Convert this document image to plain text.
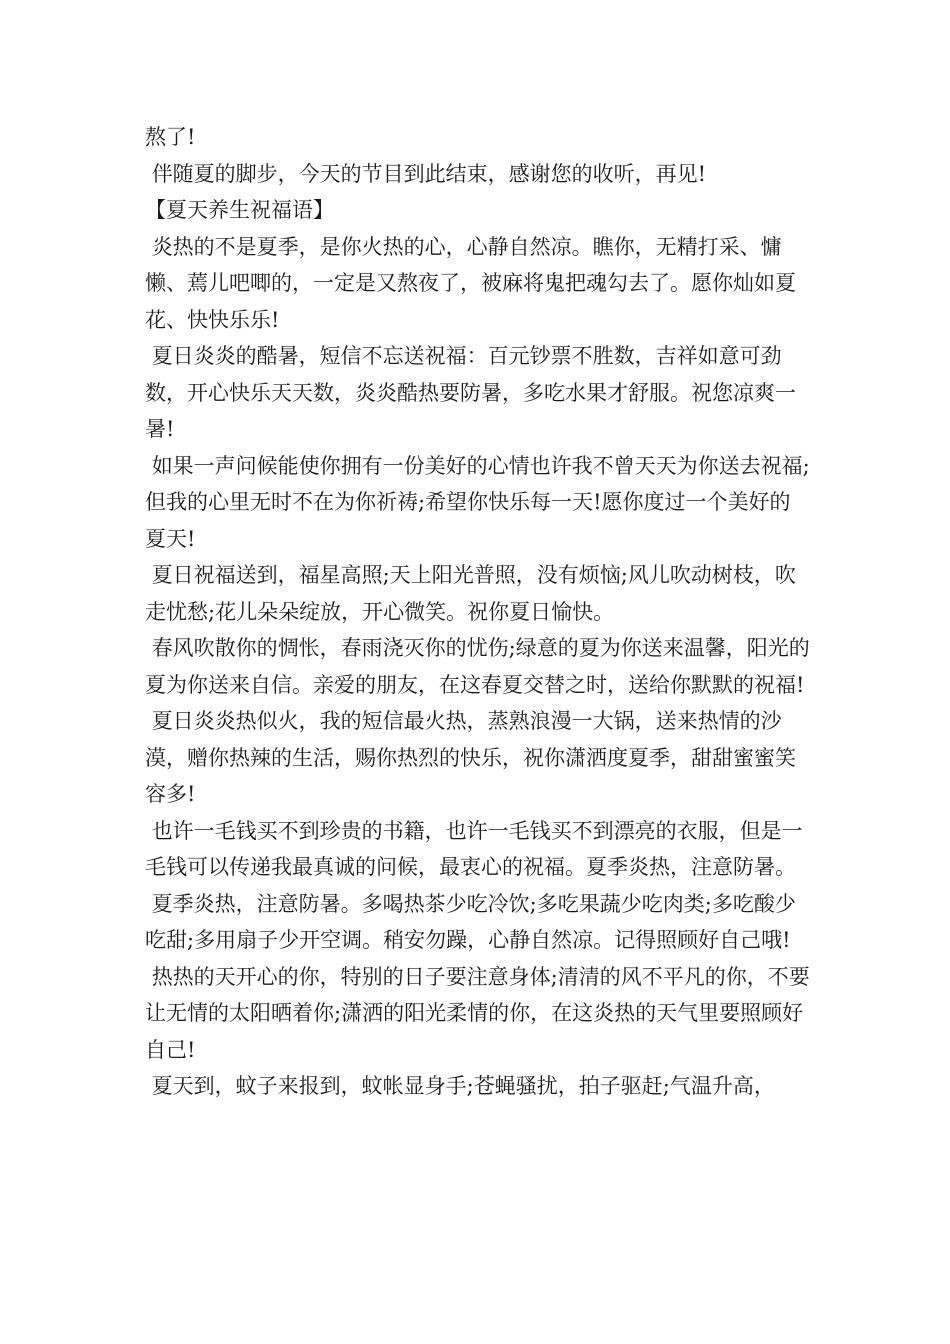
熬了!

伴随夏的脚步，今天的节目到此结束，感谢您的收听，再见!

【夏天养生祝福语】

炎热的不是夏季，是你火热的心，心静自然凉。瞧你，无精打采、慵懒、蔫儿吧唧的，一定是又熬夜了，被麻将鬼把魂勾去了。愿你灿如夏花、快快乐乐!

夏日炎炎的酷暑，短信不忘送祝福：百元钞票不胜数，吉祥如意可劲数，开心快乐天天数，炎炎酷热要防暑，多吃水果才舒服。祝您凉爽一暑!

如果一声问候能使你拥有一份美好的心情也许我不曾天天为你送去祝福;但我的心里无时不在为你祈祷;希望你快乐每一天!愿你度过一个美好的夏天!

夏日祝福送到，福星高照;天上阳光普照，没有烦恼;风儿吹动树枝，吹走忧愁;花儿朵朵绽放，开心微笑。祝你夏日愉快。

春风吹散你的惆怅，春雨浇灭你的忧伤;绿意的夏为你送来温馨，阳光的夏为你送来自信。亲爱的朋友，在这春夏交替之时，送给你默默的祝福!

夏日炎炎热似火，我的短信最火热，蒸熟浪漫一大锅，送来热情的沙漠，赠你热辣的生活，赐你热烈的快乐，祝你潇洒度夏季，甜甜蜜蜜笑容多!

也许一毛钱买不到珍贵的书籍，也许一毛钱买不到漂亮的衣服，但是一毛钱可以传递我最真诚的问候，最衷心的祝福。夏季炎热，注意防暑。

夏季炎热，注意防暑。多喝热茶少吃冷饮;多吃果蔬少吃肉类;多吃酸少吃甜;多用扇子少开空调。稍安勿躁，心静自然凉。记得照顾好自己哦!

热热的天开心的你，特别的日子要注意身体;清清的风不平凡的你，不要让无情的太阳晒着你;潇洒的阳光柔情的你，在这炎热的天气里要照顾好自己!

夏天到，蚊子来报到，蚊帐显身手;苍蝇骚扰，拍子驱赶;气温升高，
